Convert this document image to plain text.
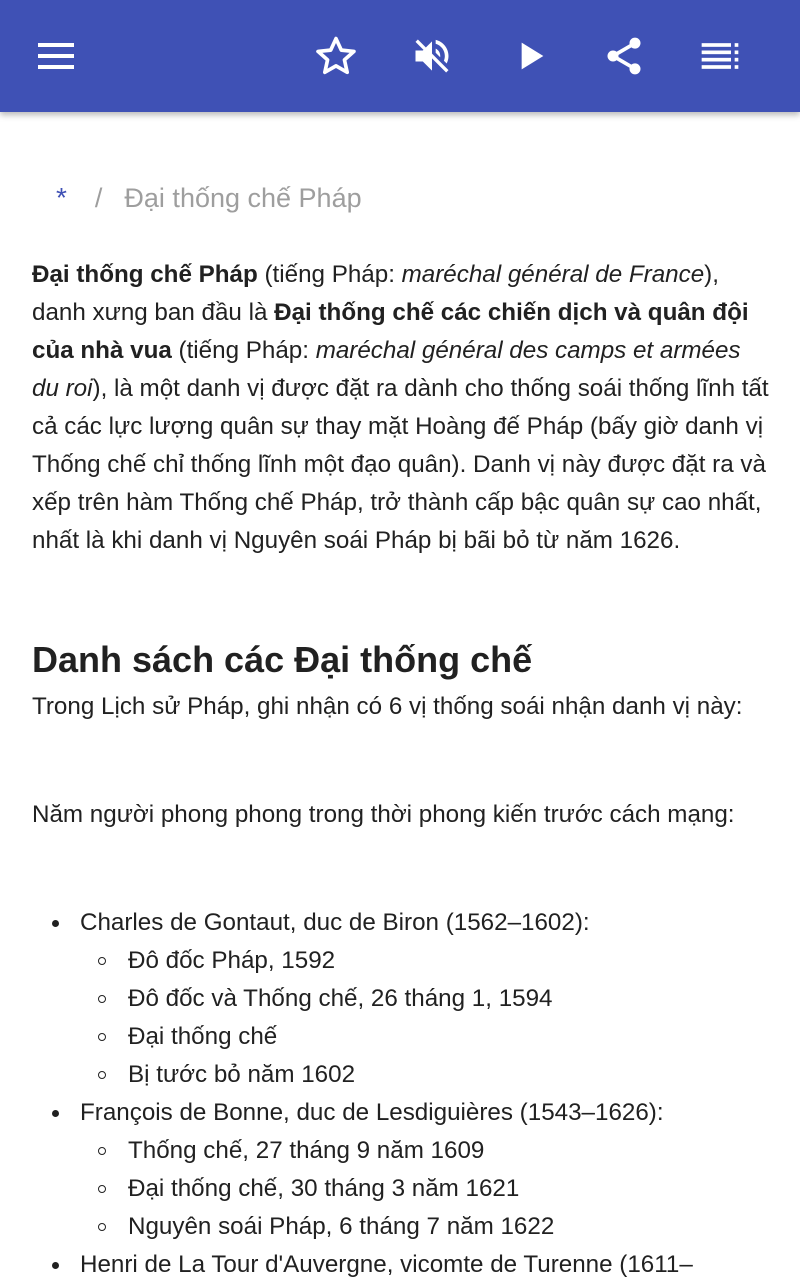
* / Đại thống chế Pháp
Đại thống chế Pháp (tiếng Pháp: maréchal général de France), danh xưng ban đầu là Đại thống chế các chiến dịch và quân đội của nhà vua (tiếng Pháp: maréchal général des camps et armées du roi), là một danh vị được đặt ra dành cho thống soái thống lĩnh tất cả các lực lượng quân sự thay mặt Hoàng đế Pháp (bấy giờ danh vị Thống chế chỉ thống lĩnh một đạo quân). Danh vị này được đặt ra và xếp trên hàm Thống chế Pháp, trở thành cấp bậc quân sự cao nhất, nhất là khi danh vị Nguyên soái Pháp bị bãi bỏ từ năm 1626.
Danh sách các Đại thống chế
Trong Lịch sử Pháp, ghi nhận có 6 vị thống soái nhận danh vị này:
Năm người phong phong trong thời phong kiến trước cách mạng:
Charles de Gontaut, duc de Biron (1562–1602):
Đô đốc Pháp, 1592
Đô đốc và Thống chế, 26 tháng 1, 1594
Đại thống chế
Bị tước bỏ năm 1602
François de Bonne, duc de Lesdiguières (1543–1626):
Thống chế, 27 tháng 9 năm 1609
Đại thống chế, 30 tháng 3 năm 1621
Nguyên soái Pháp, 6 tháng 7 năm 1622
Henri de La Tour d'Auvergne, vicomte de Turenne (1611–
